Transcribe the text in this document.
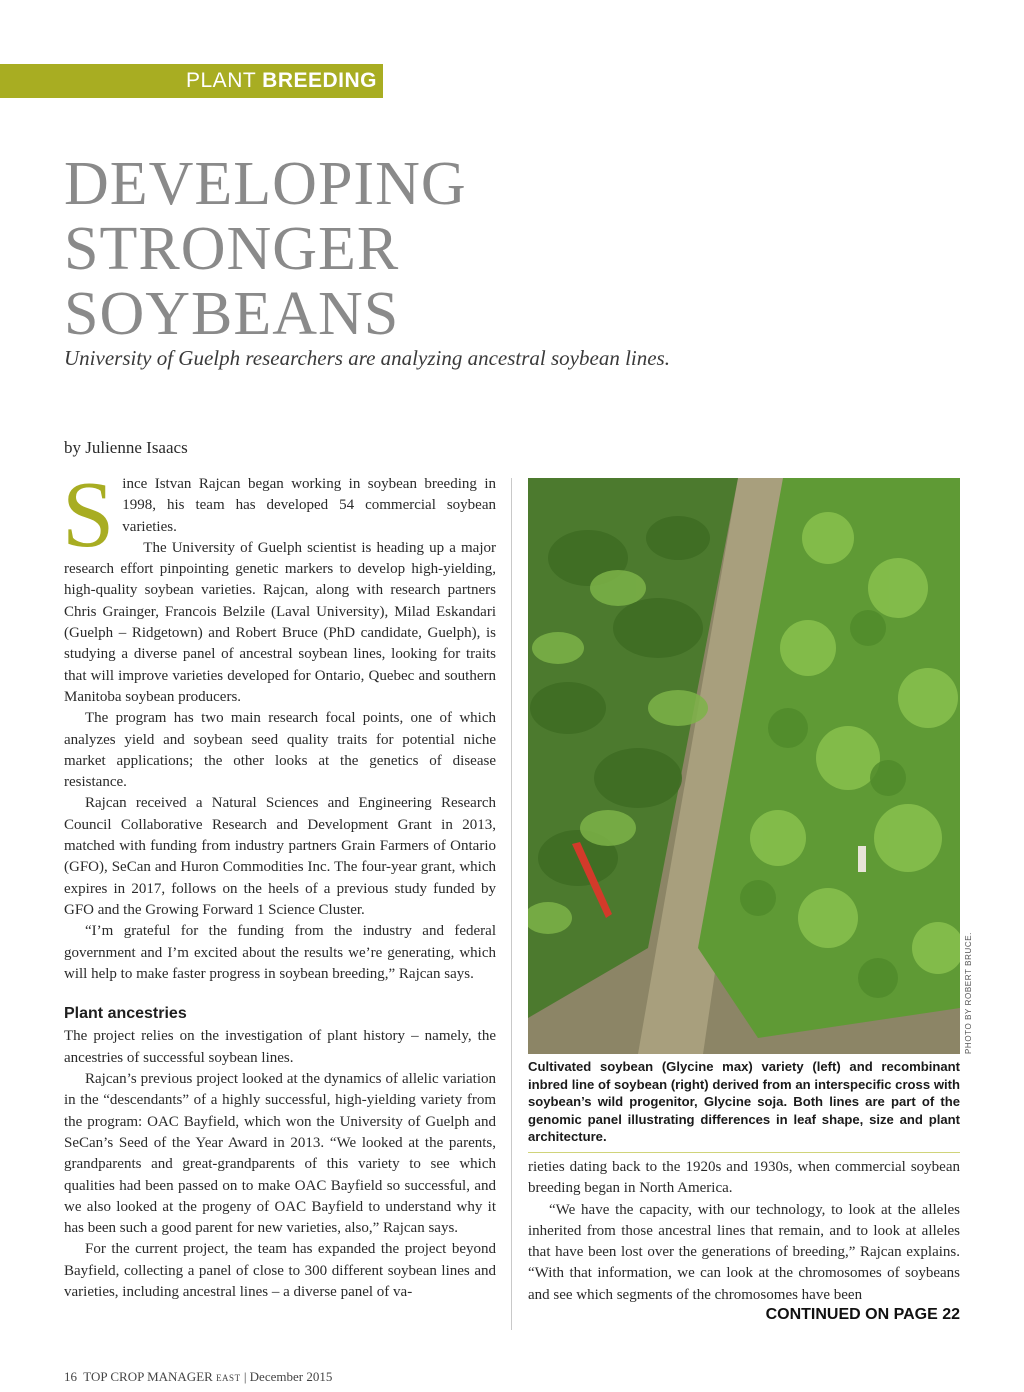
PLANT BREEDING
DEVELOPING
STRONGER
SOYBEANS
University of Guelph researchers are analyzing ancestral soybean lines.
by Julienne Isaacs

Since Istvan Rajcan began working in soybean breeding in 1998, his team has developed 54 commercial soybean varieties.

The University of Guelph scientist is heading up a major research effort pinpointing genetic markers to develop high-yielding, high-quality soybean varieties. Rajcan, along with research partners Chris Grainger, Francois Belzile (Laval University), Milad Eskandari (Guelph – Ridgetown) and Robert Bruce (PhD candidate, Guelph), is studying a diverse panel of ancestral soybean lines, looking for traits that will improve varieties developed for Ontario, Quebec and southern Manitoba soybean producers.

The program has two main research focal points, one of which analyzes yield and soybean seed quality traits for potential niche market applications; the other looks at the genetics of disease resistance.

Rajcan received a Natural Sciences and Engineering Research Council Collaborative Research and Development Grant in 2013, matched with funding from industry partners Grain Farmers of Ontario (GFO), SeCan and Huron Commodities Inc. The four-year grant, which expires in 2017, follows on the heels of a previous study funded by GFO and the Growing Forward 1 Science Cluster.

“I’m grateful for the funding from the industry and federal government and I’m excited about the results we’re generating, which will help to make faster progress in soybean breeding,” Rajcan says.

Plant ancestries

The project relies on the investigation of plant history – namely, the ancestries of successful soybean lines.

Rajcan’s previous project looked at the dynamics of allelic variation in the “descendants” of a highly successful, high-yielding variety from the program: OAC Bayfield, which won the University of Guelph and SeCan’s Seed of the Year Award in 2013. “We looked at the parents, grandparents and great-grandparents of this variety to see which qualities had been passed on to make OAC Bayfield so successful, and we also looked at the progeny of OAC Bayfield to understand why it has been such a good parent for new varieties, also,” Rajcan says.

For the current project, the team has expanded the project beyond Bayfield, collecting a panel of close to 300 different soybean lines and varieties, including ancestral lines – a diverse panel of va-

PHOTO BY ROBERT BRUCE.

Cultivated soybean (Glycine max) variety (left) and recombinant inbred line of soybean (right) derived from an interspecific cross with soybean’s wild progenitor, Glycine soja. Both lines are part of the genomic panel illustrating differences in leaf shape, size and plant architecture.

rieties dating back to the 1920s and 1930s, when commercial soybean breeding began in North America.

“We have the capacity, with our technology, to look at the alleles inherited from those ancestral lines that remain, and to look at alleles that have been lost over the generations of breeding,” Rajcan explains. “With that information, we can look at the chromosomes of soybeans and see which segments of the chromosomes have been

CONTINUED ON PAGE 22
16 TOP CROP MANAGER EAST | December 2015
